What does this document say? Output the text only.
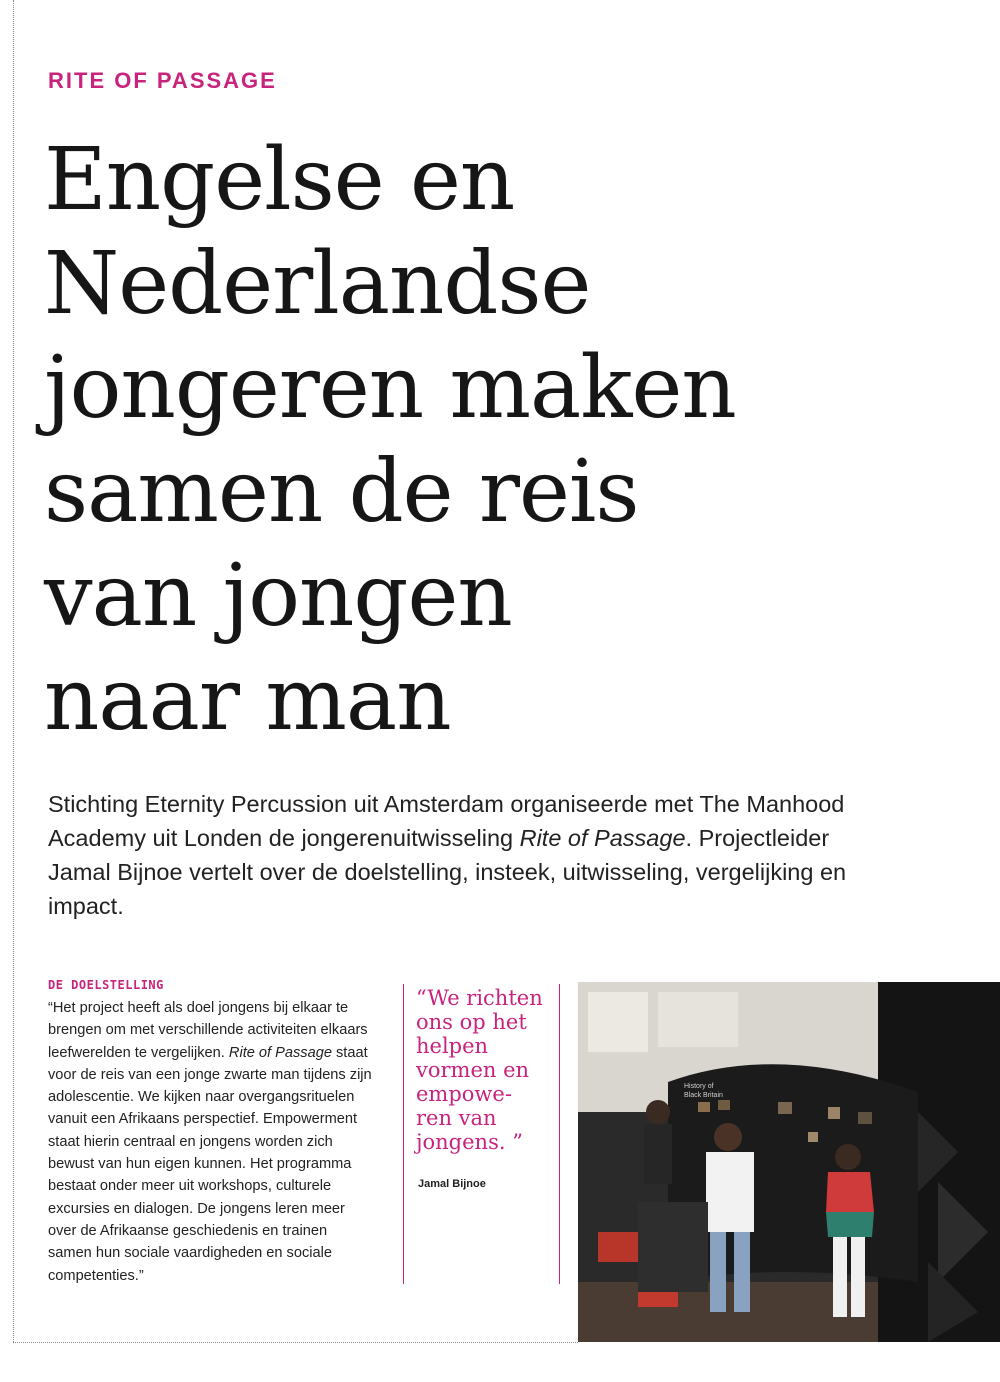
RITE OF PASSAGE
Engelse en
Nederlandse
jongeren maken
samen de reis
van jongen
naar man

Stichting Eternity Percussion uit Amsterdam organiseerde met The Manhood Academy uit Londen de jongerenuitwisseling Rite of Passage. Projectleider Jamal Bijnoe vertelt over de doelstelling, insteek, uitwisseling, vergelijking en impact.

DE DOELSTELLING

“Het project heeft als doel jongens bij elkaar te brengen om met verschillende activiteiten elkaars leefwerelden te vergelijken. Rite of Passage staat voor de reis van een jonge zwarte man tijdens zijn adolescentie. We kijken naar overgangsrituelen vanuit een Afrikaans perspectief. Empowerment staat hierin centraal en jongens worden zich bewust van hun eigen kunnen. Het programma bestaat onder meer uit workshops, culturele excursies en dialogen. De jongens leren meer over de Afrikaanse geschiedenis en trainen samen hun sociale vaardigheden en sociale competenties.”

“We richten
ons op het
helpen
vormen en
empowe-
ren van
jongens. ”

Jamal Bijnoe

History of
Black Britain
